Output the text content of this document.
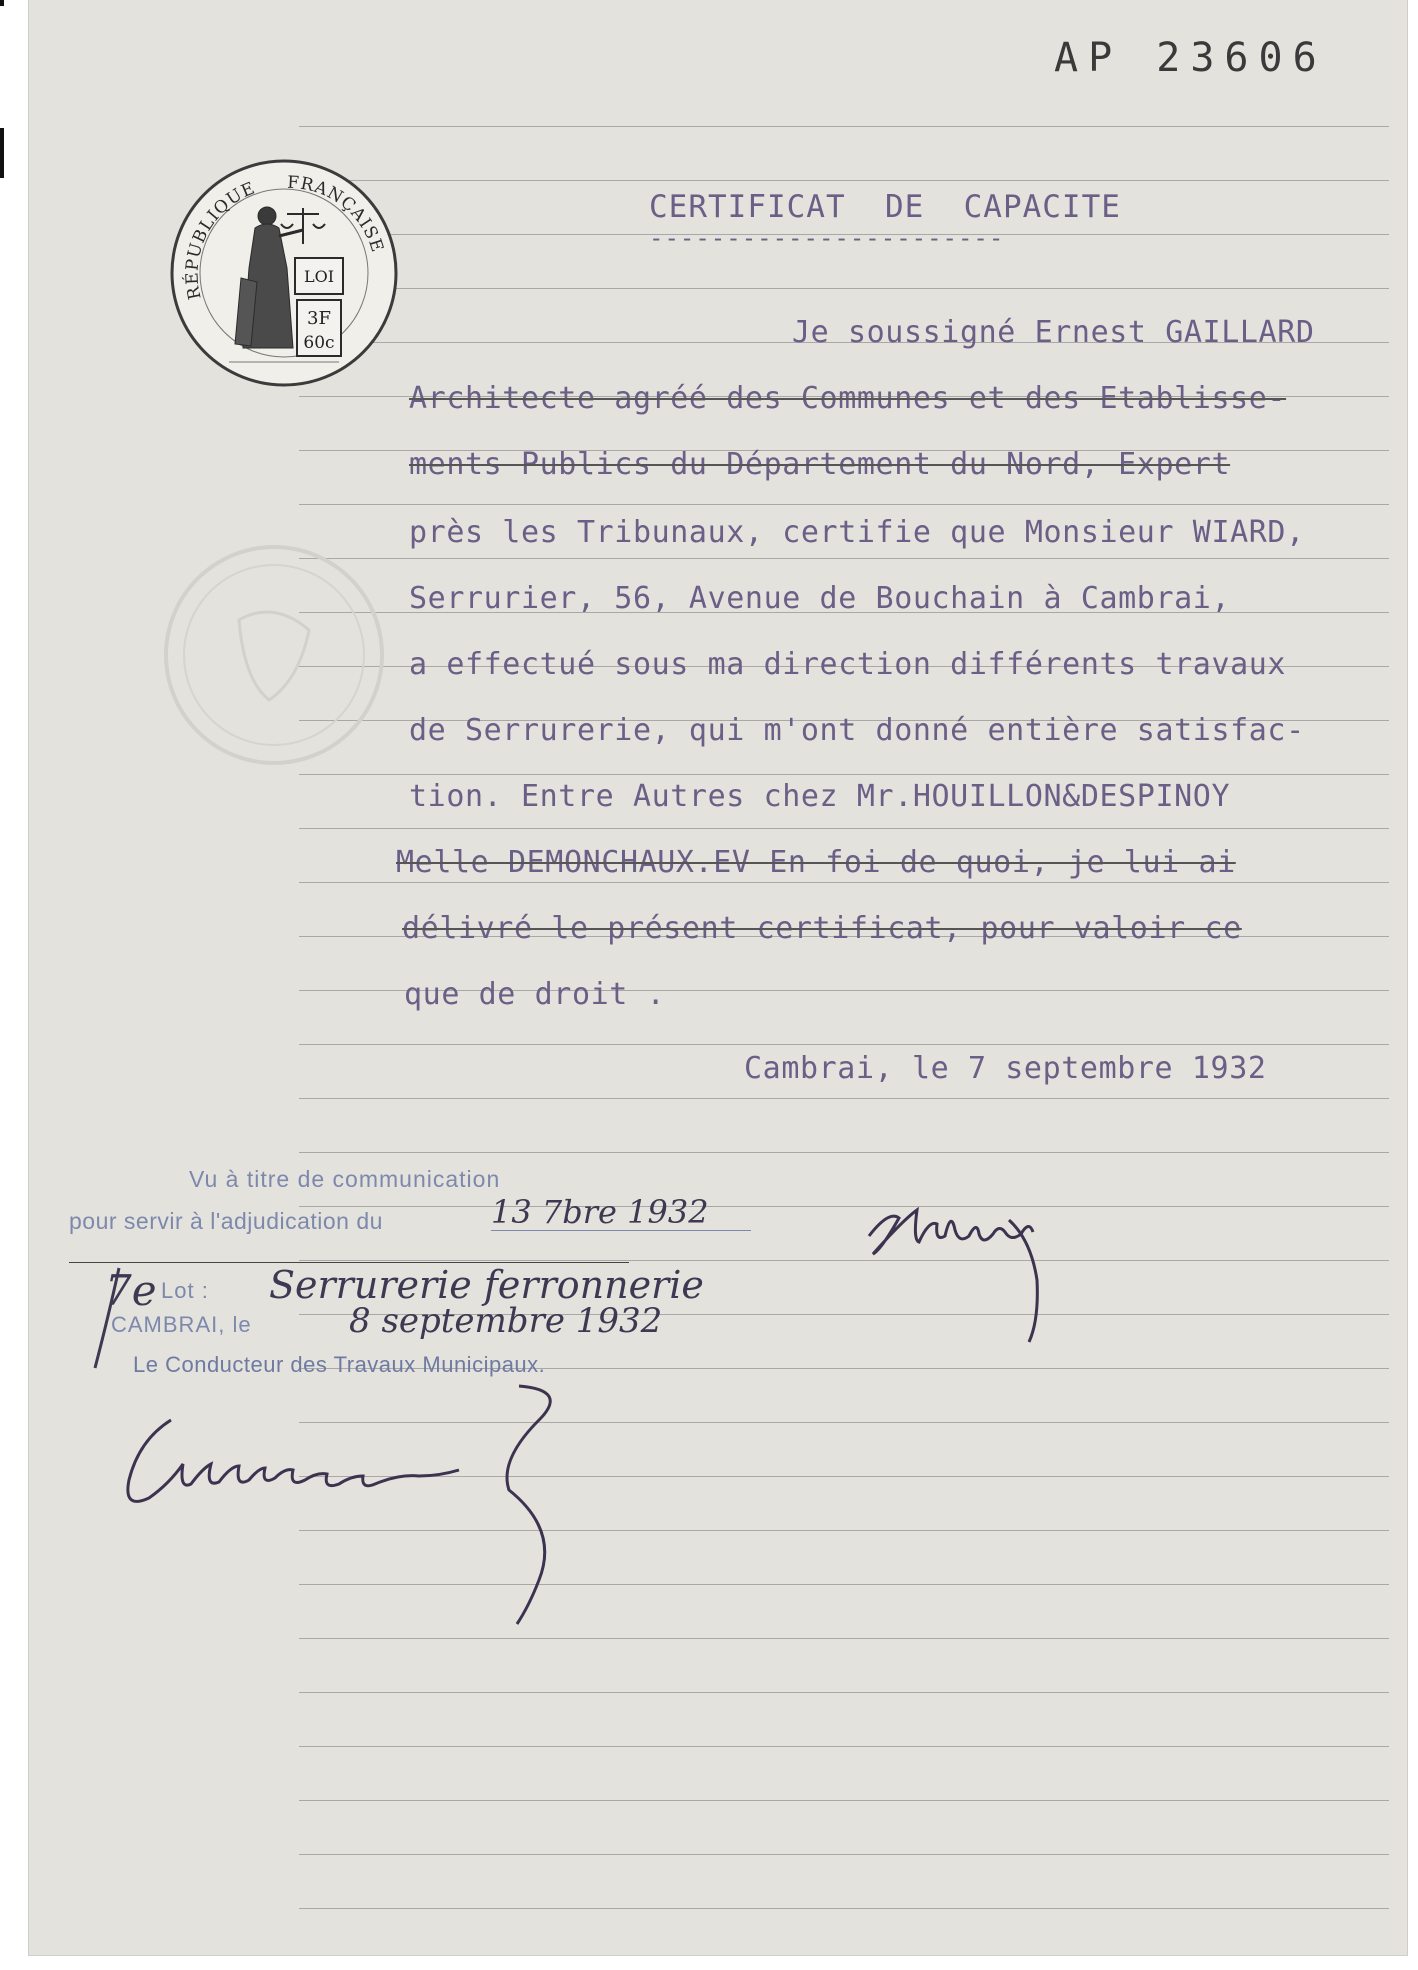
AP 23606
RÉPUBLIQUE FRANÇAISE
LOI
3F
60c
CERTIFICAT  DE  CAPACITE
-----------------------
Je soussigné Ernest GAILLARD
Architecte agréé des Communes et des Etablisse-
ments Publics du Département du Nord, Expert
près les Tribunaux, certifie que Monsieur WIARD,
Serrurier, 56, Avenue de Bouchain à Cambrai,
a effectué sous ma direction différents travaux
de Serrurerie, qui m'ont donné entière satisfac-
tion. Entre Autres chez Mr.HOUILLON&DESPINOY
Melle DEMONCHAUX.EV En foi de quoi, je lui ai
délivré le présent certificat, pour valoir ce
que de droit .
Cambrai, le 7 septembre 1932
Vu à titre de communication
pour servir à l'adjudication du	13 7bre 1932
7e Lot : Serrurerie ferronnerie
CAMBRAI, le	8 septembre 1932
Le Conducteur des Travaux Municipaux.
